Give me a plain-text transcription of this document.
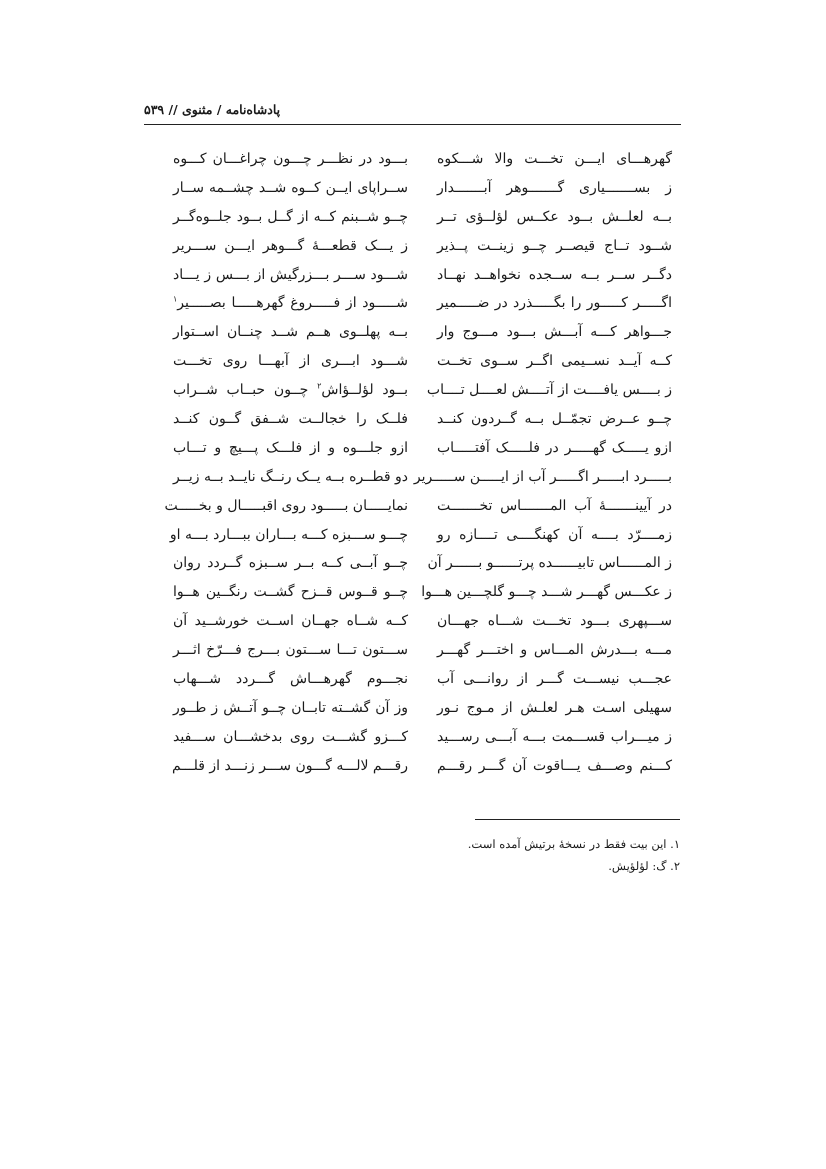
پادشاه‌نامه / مثنوی // ۵۳۹
گهرهـــای ایـــن تخـــت والا شـــکوه
بـــود در نظـــر چـــون چراغـــان کـــوه
ز بســـــــیاری گـــــــوهر آبـــــــدار
ســراپای ایــن کــوه شــد چشــمه ســار
بــه لعلــش بــود عکــس لؤلــؤی تــر
چــو شــبنم کــه از گــل بــود جلــوه‌گــر
شــود تــاج قیصــر چــو زینــت پــذیر
ز یـــک قطعـــهٔ گـــوهر ایـــن ســـریر
دگــر ســر بــه ســجده نخواهــد نهــاد
شـــود ســـر بـــزرگیش از بـــس ز یـــاد
اگـــــر کـــــور را بگـــــذرد در ضـــــمیر
شـــــود از فـــــروغ گهرهـــــا بصـــــیر$^۱$
جـــواهر کـــه آبـــش بـــود مـــوج وار
بــه پهلــوی هــم شــد چنــان اســتوار
کــه آیــد نســیمی اگــر ســوی تخــت
شـــود ابـــری از آبهـــا روی تخـــت
ز بــــس یافــــت از آتــــش لعــــل تــــاب
بــود لؤلــؤاش$^۲$ چــون حبــاب شــراب
چــو عــرض تجمّــل بــه گــردون کنــد
فلــک را خجالــت شــفق گــون کنــد
ازو یـــــک گهـــــر در فلـــــک آفتـــــاب
ازو جلـــوه و از فلـــک پـــیچ و تـــاب
بـــــرد ابـــــر اگـــــر آب از ایـــــن ســـــریر
دو قطــره بــه یــک رنــگ نایــد بــه زیــر
در آیینـــــــهٔ آب المـــــــاس تخـــــــت
نمایـــــان بـــــود روی اقبـــــال و بخـــــت
زمــــرّد بــــه آن کهنگــــی تــــازه رو
چـــو ســـبزه کـــه بـــاران ببـــارد بـــه او
ز المــــــاس تابیــــــده پرتــــــو بــــــر آن
چــو آبــی کــه بــر ســبزه گــردد روان
ز عکـــس گهـــر شـــد چـــو گلچـــین هـــوا
چــو قــوس قــزح گشــت رنگــین هــوا
ســـپهری بـــود تخـــت شـــاه جهـــان
کــه شــاه جهــان اســت خورشــید آن
مـــه بـــدرش المـــاس و اختـــر گهـــر
ســـتون تـــا ســـتون بـــرج فـــرّخ اثـــر
عجـــب نیســـت گـــر از روانـــی آب
نجـــوم گهرهـــاش گـــردد شـــهاب
سهیلی اسـت هـر لعلـش از مـوج نـور
وز آن گشــته تابــان چــو آتــش ز طــور
ز میـــراب قســـمت بـــه آبـــی رســـید
کـــزو گشـــت روی بدخشـــان ســـفید
کـــنم وصـــف یـــاقوت آن گـــر رقـــم
رقـــم لالـــه گـــون ســـر زنـــد از قلـــم
۱. این بیت فقط در نسخهٔ برتیش آمده است.
۲. گ: لؤلؤیش.
